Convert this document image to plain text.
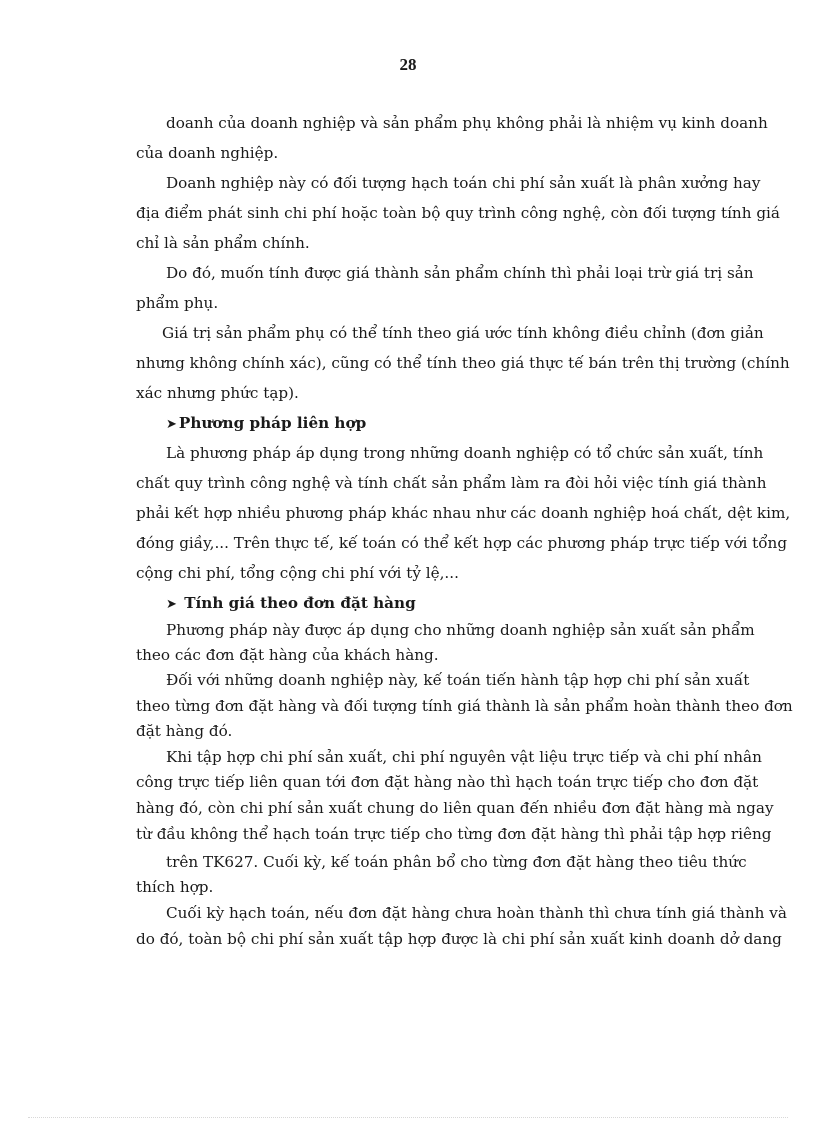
28
doanh của doanh nghiệp và sản phẩm phụ không phải là nhiệm vụ kinh doanh
của doanh nghiệp.
Doanh nghiệp này có đối tượng hạch toán chi phí sản xuất là phân xưởng hay
địa điểm phát sinh chi phí hoặc toàn bộ quy trình công nghệ, còn đối tượng tính giá
chỉ là sản phẩm chính.
Do đó, muốn tính được giá thành sản phẩm chính thì phải loại trừ giá trị sản
phẩm phụ.
Giá trị sản phẩm phụ có thể tính theo giá ước tính không điều chỉnh (đơn giản
nhưng không chính xác), cũng có thể tính theo giá thực tế bán trên thị trường (chính
xác nhưng phức tạp).
➤ Phương pháp liên hợp
Là phương pháp áp dụng trong những doanh nghiệp có tổ chức sản xuất, tính
chất quy trình công nghệ và tính chất sản phẩm làm ra đòi hỏi việc tính giá thành
phải kết hợp nhiều phương pháp khác nhau như các doanh nghiệp hoá chất, dệt kim,
đóng giầy,... Trên thực tế, kế toán có thể kết hợp các phương pháp trực tiếp với tổng
cộng chi phí, tổng cộng chi phí với tỷ lệ,...
➤ Tính giá theo đơn đặt hàng
Phương pháp này được áp dụng cho những doanh nghiệp sản xuất sản phẩm
theo các đơn đặt hàng của khách hàng.
Đối với những doanh nghiệp này, kế toán tiến hành tập hợp chi phí sản xuất
theo từng đơn đặt hàng và đối tượng tính giá thành là sản phẩm hoàn thành theo đơn
đặt hàng đó.
Khi tập hợp chi phí sản xuất, chi phí nguyên vật liệu trực tiếp và chi phí nhân
công trực tiếp liên quan tới đơn đặt hàng nào thì hạch toán trực tiếp cho đơn đặt
hàng đó, còn chi phí sản xuất chung do liên quan đến nhiều đơn đặt hàng mà ngay
từ đầu không thể hạch toán trực tiếp cho từng đơn đặt hàng thì phải tập hợp riêng
trên TK627. Cuối kỳ, kế toán phân bổ cho từng đơn đặt hàng theo tiêu thức
thích hợp.
Cuối kỳ hạch toán, nếu đơn đặt hàng chưa hoàn thành thì chưa tính giá thành và
do đó, toàn bộ chi phí sản xuất tập hợp được là chi phí sản xuất kinh doanh dở dang
